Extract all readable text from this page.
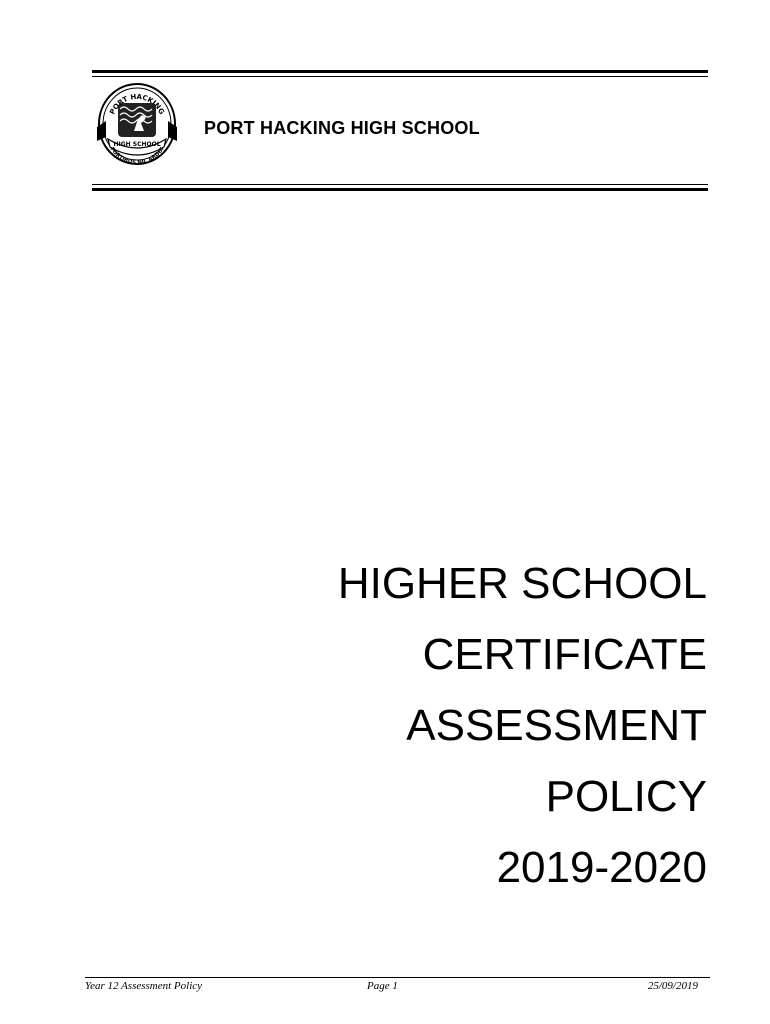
PORT HACKING
HIGH SCHOOL
FORTIBUS NIL ARDUI
PORT HACKING HIGH SCHOOL
HIGHER SCHOOL
CERTIFICATE
ASSESSMENT
POLICY
2019-2020
Year 12 Assessment Policy	Page 1	25/09/2019
